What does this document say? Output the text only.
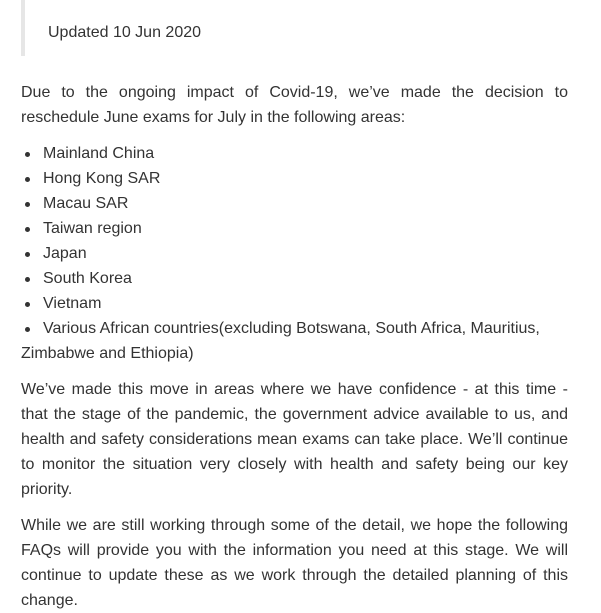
Updated 10 Jun 2020

Due to the ongoing impact of Covid-19, we’ve made the decision to reschedule June exams for July in the following areas:

Mainland China
Hong Kong SAR
Macau SAR
Taiwan region
Japan
South Korea
Vietnam
Various African countries(excluding Botswana, South Africa, Mauritius, Zimbabwe and Ethiopia)

We’ve made this move in areas where we have confidence - at this time - that the stage of the pandemic, the government advice available to us, and health and safety considerations mean exams can take place. We’ll continue to monitor the situation very closely with health and safety being our key priority.

While we are still working through some of the detail, we hope the following FAQs will provide you with the information you need at this stage. We will continue to update these as we work through the detailed planning of this change.
